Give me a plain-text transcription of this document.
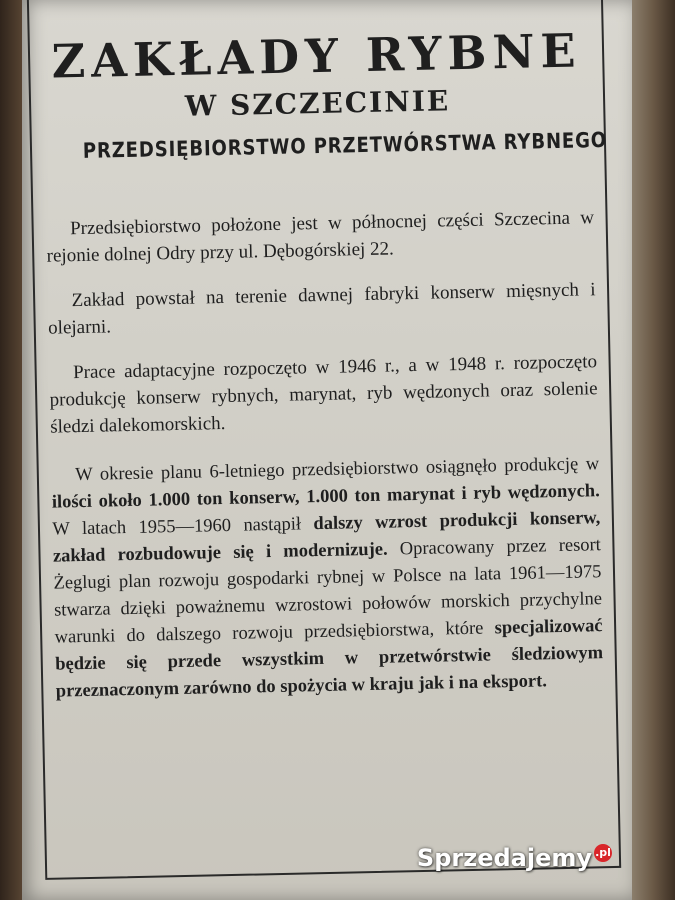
ZAKŁADY RYBNE
W SZCZECINIE
PRZEDSIĘBIORSTWO PRZETWÓRSTWA RYBNEGO

Przedsiębiorstwo położone jest w północnej części Szczecina w rejonie dolnej Odry przy ul. Dębogórskiej 22.

Zakład powstał na terenie dawnej fabryki konserw mięsnych i olejarni.

Prace adaptacyjne rozpoczęto w 1946 r., a w 1948 r. rozpoczęto produkcję konserw rybnych, marynat, ryb wędzonych oraz solenie śledzi dalekomorskich.

W okresie planu 6-letniego przedsiębiorstwo osiągnęło produkcję w ilości około 1.000 ton konserw, 1.000 ton marynat i ryb wędzonych. W latach 1955—1960 nastąpił dalszy wzrost produkcji konserw, zakład rozbudowuje się i modernizuje. Opracowany przez resort Żeglugi plan rozwoju gospodarki rybnej w Polsce na lata 1961—1975 stwarza dzięki poważnemu wzrostowi połowów morskich przychylne warunki do dalszego rozwoju przedsiębiorstwa, które specjalizować będzie się przede wszystkim w przetwórstwie śledziowym przeznaczonym zarówno do spożycia w kraju jak i na eksport.

Sprzedajemy .pl
